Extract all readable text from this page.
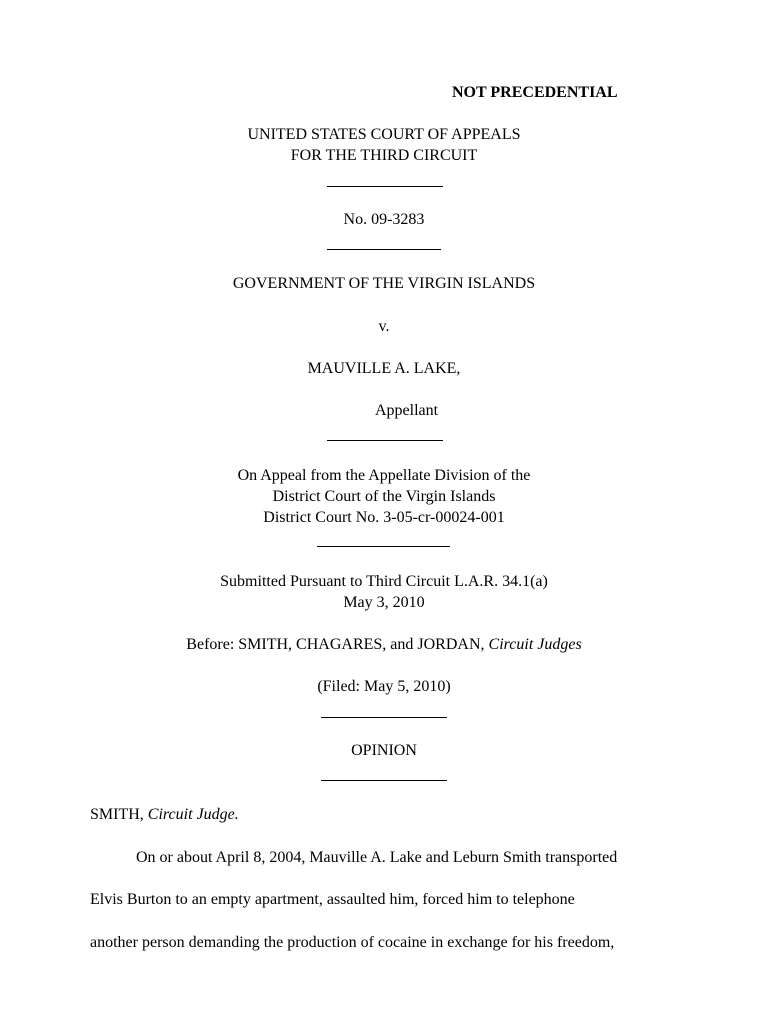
NOT PRECEDENTIAL
UNITED STATES COURT OF APPEALS
FOR THE THIRD CIRCUIT
No. 09-3283
GOVERNMENT OF THE VIRGIN ISLANDS
v.
MAUVILLE A. LAKE,
Appellant
On Appeal from the Appellate Division of the
District Court of the Virgin Islands
District Court No. 3-05-cr-00024-001
Submitted Pursuant to Third Circuit L.A.R. 34.1(a)
May 3, 2010
Before: SMITH, CHAGARES, and JORDAN, Circuit Judges
(Filed: May 5, 2010)
OPINION
SMITH, Circuit Judge.
On or about April 8, 2004, Mauville A. Lake and Leburn Smith transported
Elvis Burton to an empty apartment, assaulted him, forced him to telephone
another person demanding the production of cocaine in exchange for his freedom,
